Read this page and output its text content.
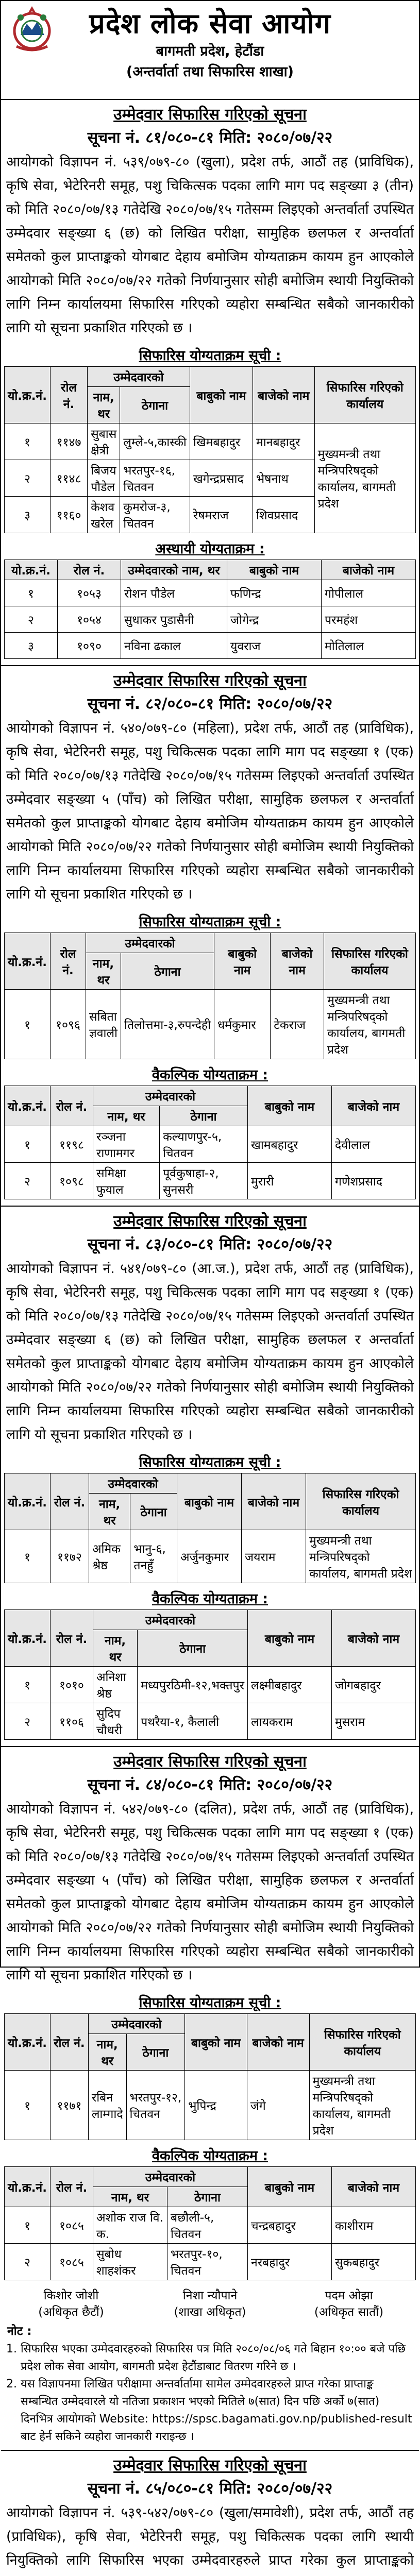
प्रदेश लोक सेवा आयोग
बागमती प्रदेश, हेटौंडा
(अन्तर्वार्ता तथा सिफारिस शाखा)
उम्मेदवार सिफारिस गरिएको सूचना
सूचना नं. ८१/०८०-८१ मिति: २०८०/०७/२२
आयोगको विज्ञापन नं. ५३९/०७९-८० (खुला), प्रदेश तर्फ, आठौं तह (प्राविधिक), कृषि सेवा, भेटेरिनरी समूह, पशु चिकित्सक पदका लागि माग पद सङ्ख्या ३ (तीन) को मिति २०८०/०७/१३ गतेदेखि २०८०/०७/१५ गतेसम्म लिइएको अन्तर्वार्ता उपस्थित उम्मेदवार सङ्ख्या ६ (छ) को लिखित परीक्षा, सामुहिक छलफल र अन्तर्वार्ता समेतको कुल प्राप्ताङ्कको योगबाट देहाय बमोजिम योग्यताक्रम कायम हुन आएकोले आयोगको मिति २०८०/०७/२२ गतेको निर्णयानुसार सोही बमोजिम स्थायी नियुक्तिको लागि निम्न कार्यालयमा सिफारिस गरिएको व्यहोरा सम्बन्धित सबैको जानकारीको लागि यो सूचना प्रकाशित गरिएको छ ।
सिफारिस योग्यताक्रम सूची :
यो.क्र.नं.	रोल नं.	उम्मेदवारको		बाबुको नाम	बाजेको नाम	सिफारिस गरिएको कार्यालय
		नाम, थर	ठेगाना			
१	११४७	सुबास क्षेत्री	लुम्ले-५,कास्की	खिमबहादुर	मानबहादुर	मुख्यमन्त्री तथा मन्त्रिपरिषद्को कार्यालय, बागमती प्रदेश
२	११४८	बिजय पौडेल	भरतपुर-१६, चितवन	खगेन्द्रप्रसाद	भेषनाथ	
३	११६०	केशव खरेल	कुमरोज-३, चितवन	रेषमराज	शिवप्रसाद	
अस्थायी योग्यताक्रम :
यो.क्र.नं.	रोल नं.	उम्मेदवारको नाम, थर	बाबुको नाम	बाजेको नाम
१	१०५३	रोशन पौडेल	फणिन्द्र	गोपीलाल
२	१०५४	सुधाकर पुडासैनी	जोगेन्द्र	परमहंश
३	१०९०	नविना ढकाल	युवराज	मोतिलाल
उम्मेदवार सिफारिस गरिएको सूचना
सूचना नं. ८२/०८०-८१ मिति: २०८०/०७/२२
आयोगको विज्ञापन नं. ५४०/०७९-८० (महिला), प्रदेश तर्फ, आठौं तह (प्राविधिक), कृषि सेवा, भेटेरिनरी समूह, पशु चिकित्सक पदका लागि माग पद सङ्ख्या १ (एक) को मिति २०८०/०७/१३ गतेदेखि २०८०/०७/१५ गतेसम्म लिइएको अन्तर्वार्ता उपस्थित उम्मेदवार सङ्ख्या ५ (पाँच) को लिखित परीक्षा, सामुहिक छलफल र अन्तर्वार्ता समेतको कुल प्राप्ताङ्कको योगबाट देहाय बमोजिम योग्यताक्रम कायम हुन आएकोले आयोगको मिति २०८०/०७/२२ गतेको निर्णयानुसार सोही बमोजिम स्थायी नियुक्तिको लागि निम्न कार्यालयमा सिफारिस गरिएको व्यहोरा सम्बन्धित सबैको जानकारीको लागि यो सूचना प्रकाशित गरिएको छ ।
सिफारिस योग्यताक्रम सूची :
यो.क्र.नं.	रोल नं.	उम्मेदवारको		बाबुको नाम	बाजेको नाम	सिफारिस गरिएको कार्यालय
		नाम, थर	ठेगाना			
१	१०९६	सबिता ज्ञवाली	तिलोत्तमा-३,रुपन्देही	धर्मकुमार	टेकराज	मुख्यमन्त्री तथा मन्त्रिपरिषद्को कार्यालय, बागमती प्रदेश
वैकल्पिक योग्यताक्रम :
यो.क्र.नं.	रोल नं.	उम्मेदवारको		बाबुको नाम	बाजेको नाम
		नाम, थर	ठेगाना		
१	११९८	रञ्जना राणामगर	कल्याणपुर-५, चितवन	खामबहादुर	देवीलाल
२	१०९८	समिक्षा फुयाल	पूर्वकुषाहा-२, सुनसरी	मुरारी	गणेशप्रसाद
उम्मेदवार सिफारिस गरिएको सूचना
सूचना नं. ८३/०८०-८१ मिति: २०८०/०७/२२
आयोगको विज्ञापन नं. ५४१/०७९-८० (आ.ज.), प्रदेश तर्फ, आठौं तह (प्राविधिक), कृषि सेवा, भेटेरिनरी समूह, पशु चिकित्सक पदका लागि माग पद सङ्ख्या १ (एक) को मिति २०८०/०७/१३ गतेदेखि २०८०/०७/१५ गतेसम्म लिइएको अन्तर्वार्ता उपस्थित उम्मेदवार सङ्ख्या ६ (छ) को लिखित परीक्षा, सामुहिक छलफल र अन्तर्वार्ता समेतको कुल प्राप्ताङ्कको योगबाट देहाय बमोजिम योग्यताक्रम कायम हुन आएकोले आयोगको मिति २०८०/०७/२२ गतेको निर्णयानुसार सोही बमोजिम स्थायी नियुक्तिको लागि निम्न कार्यालयमा सिफारिस गरिएको व्यहोरा सम्बन्धित सबैको जानकारीको लागि यो सूचना प्रकाशित गरिएको छ ।
सिफारिस योग्यताक्रम सूची :
यो.क्र.नं.	रोल नं.	उम्मेदवारको		बाबुको नाम	बाजेको नाम	सिफारिस गरिएको कार्यालय
		नाम, थर	ठेगाना			
१	११७२	अमिक श्रेष्ठ	भानु-६, तनहुँ	अर्जुनकुमार	जयराम	मुख्यमन्त्री तथा मन्त्रिपरिषद्को कार्यालय, बागमती प्रदेश
वैकल्पिक योग्यताक्रम :
यो.क्र.नं.	रोल नं.	उम्मेदवारको		बाबुको नाम	बाजेको नाम
		नाम, थर	ठेगाना		
१	१०१०	अनिशा श्रेष्ठ	मध्यपुरठिमी-१२,भक्तपुर	लक्ष्मीबहादुर	जोगबहादुर
२	११०६	सुदिप चौधरी	पथरैया-१, कैलाली	लायकराम	मुसराम
उम्मेदवार सिफारिस गरिएको सूचना
सूचना नं. ८४/०८०-८१ मिति: २०८०/०७/२२
आयोगको विज्ञापन नं. ५४२/०७९-८० (दलित), प्रदेश तर्फ, आठौं तह (प्राविधिक), कृषि सेवा, भेटेरिनरी समूह, पशु चिकित्सक पदका लागि माग पद सङ्ख्या १ (एक) को मिति २०८०/०७/१३ गतेदेखि २०८०/०७/१५ गतेसम्म लिइएको अन्तर्वार्ता उपस्थित उम्मेदवार सङ्ख्या ५ (पाँच) को लिखित परीक्षा, सामुहिक छलफल र अन्तर्वार्ता समेतको कुल प्राप्ताङ्कको योगबाट देहाय बमोजिम योग्यताक्रम कायम हुन आएकोले आयोगको मिति २०८०/०७/२२ गतेको निर्णयानुसार सोही बमोजिम स्थायी नियुक्तिको लागि निम्न कार्यालयमा सिफारिस गरिएको व्यहोरा सम्बन्धित सबैको जानकारीको लागि यो सूचना प्रकाशित गरिएको छ ।
सिफारिस योग्यताक्रम सूची :
यो.क्र.नं.	रोल नं.	उम्मेदवारको		बाबुको नाम	बाजेको नाम	सिफारिस गरिएको कार्यालय
		नाम, थर	ठेगाना			
१	११७१	रबिन लाम्गादे	भरतपुर-१२, चितवन	भुपिन्द्र	जंगे	मुख्यमन्त्री तथा मन्त्रिपरिषद्को कार्यालय, बागमती प्रदेश
वैकल्पिक योग्यताक्रम :
यो.क्र.नं.	रोल नं.	उम्मेदवारको		बाबुको नाम	बाजेको नाम
		नाम, थर	ठेगाना		
१	१०८५	अशोक राज वि. क.	बछौली-५, चितवन	चन्द्रबहादुर	काशीराम
२	१०८५	सुबोध शाहशंकर	भरतपुर-१०, चितवन	नरबहादुर	सुकबहादुर
किशोर जोशी
(अधिकृत छैटौं)
निशा न्यौपाने
(शाखा अधिकृत)
पदम ओझा
(अधिकृत सातौं)
नोट :
1. सिफारिस भएका उम्मेदवारहरुको सिफारिस पत्र मिति २०८०/०८/०६ गते बिहान १०:०० बजे पछि प्रदेश लोक सेवा आयोग, बागमती प्रदेश हेटौंडाबाट वितरण गरिने छ ।
2. यस विज्ञापनमा लिखित परीक्षामा अन्तर्वार्तामा सामेल उम्मेदवारहरुले प्राप्त गरेका प्राप्ताङ्क सम्बन्धित उम्मेदवारले यो नतिजा प्रकाशन भएको मितिले ७(सात) दिन पछि अर्को ७(सात) दिनभित्र आयोगको Website: https://spsc.bagamati.gov.np/published-result बाट हेर्न सकिने व्यहोरा जानकारी गराइन्छ ।
उम्मेदवार सिफारिस गरिएको सूचना
सूचना नं. ८५/०८०-८१ मिति: २०८०/०७/२२
आयोगको विज्ञापन नं. ५३९-५४२/०७९-८० (खुला/समावेशी), प्रदेश तर्फ, आठौं तह (प्राविधिक), कृषि सेवा, भेटेरिनरी समूह, पशु चिकित्सक पदका लागि स्थायी नियुक्तिको लागि सिफारिस भएका उम्मेदवारहरुले प्राप्त गरेका कुल प्राप्ताङ्कको
